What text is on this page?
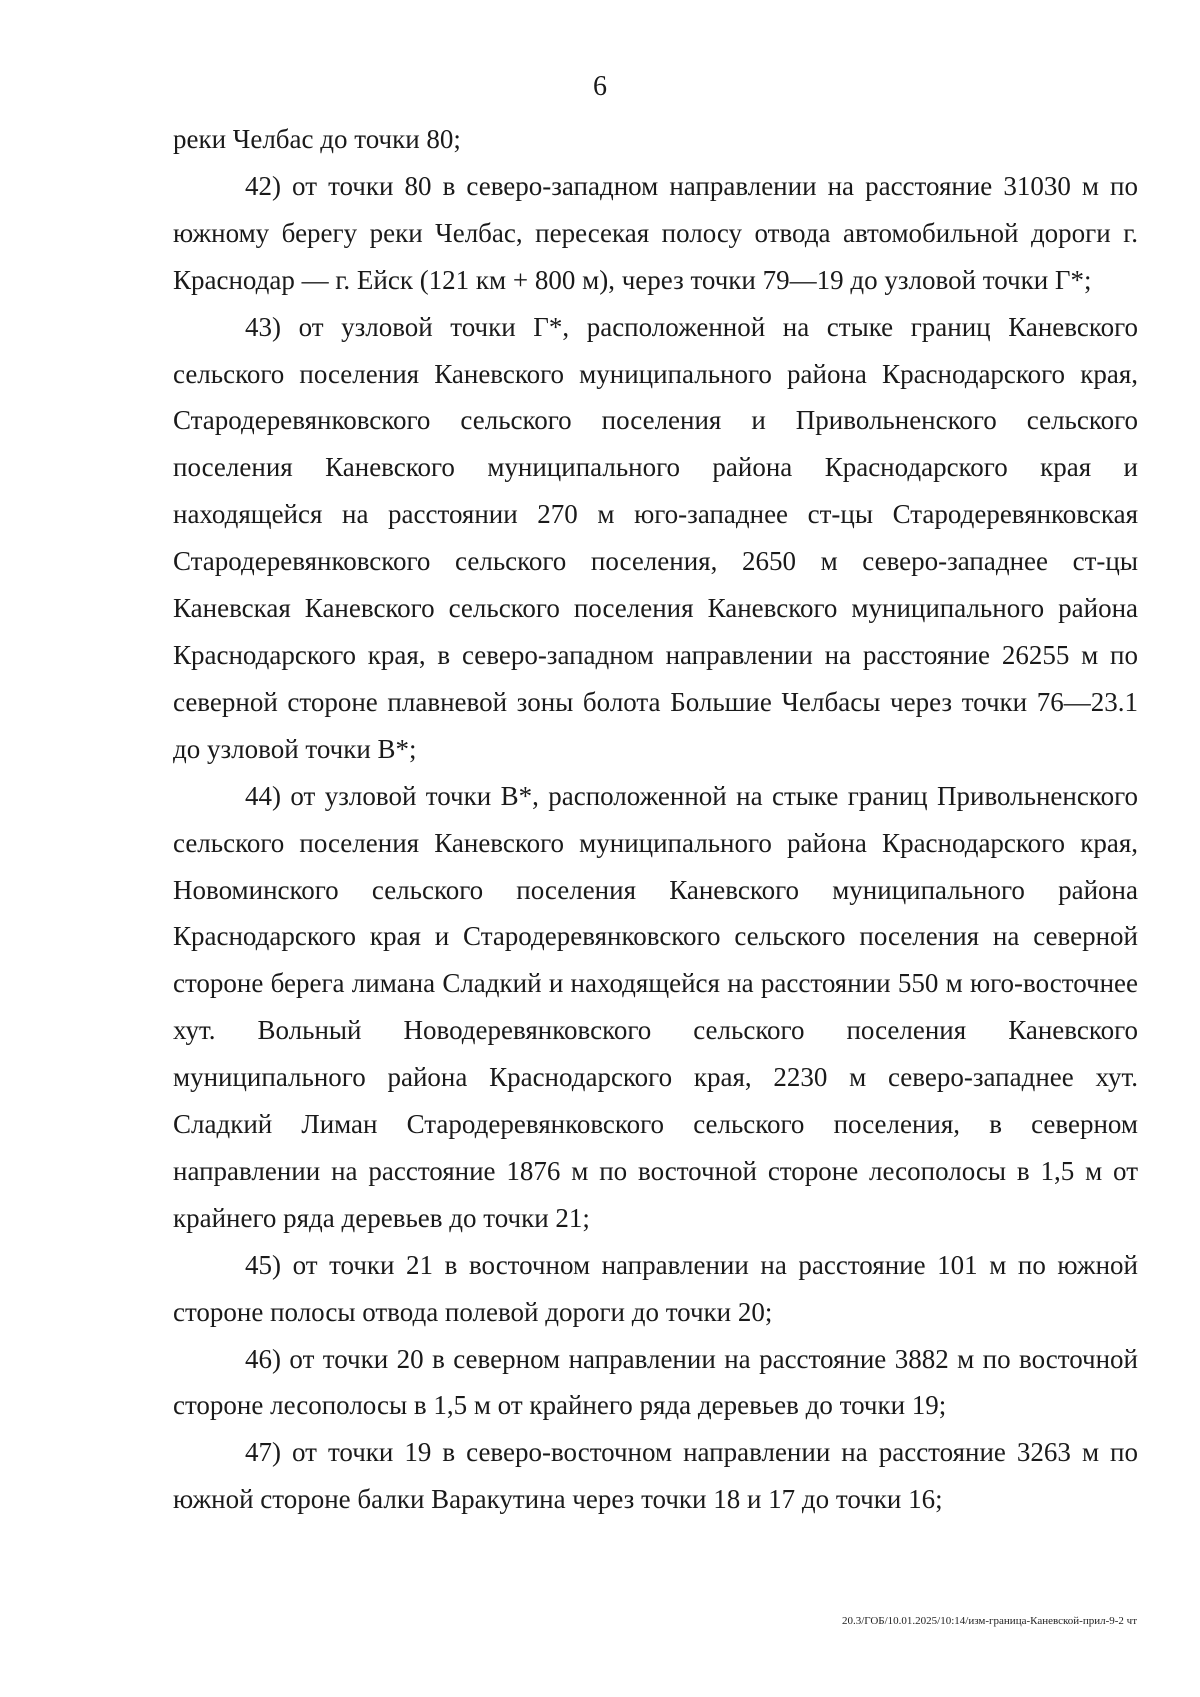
6

реки Челбас до точки 80;

42) от точки 80 в северо-западном направлении на расстояние 31030 м по южному берегу реки Челбас, пересекая полосу отвода автомобильной дороги г. Краснодар — г. Ейск (121 км + 800 м), через точки 79—19 до узловой точки Г*;

43) от узловой точки Г*, расположенной на стыке границ Каневского сельского поселения Каневского муниципального района Краснодарского края, Стародеревянковского сельского поселения и Привольненского сельского поселения Каневского муниципального района Краснодарского края и находящейся на расстоянии 270 м юго-западнее ст-цы Стародеревянковская Стародеревянковского сельского поселения, 2650 м северо-западнее ст-цы Каневская Каневского сельского поселения Каневского муниципального района Краснодарского края, в северо-западном направлении на расстояние 26255 м по северной стороне плавневой зоны болота Большие Челбасы через точки 76—23.1 до узловой точки В*;

44) от узловой точки В*, расположенной на стыке границ Привольненского сельского поселения Каневского муниципального района Краснодарского края, Новоминского сельского поселения Каневского муниципального района Краснодарского края и Стародеревянковского сельского поселения на северной стороне берега лимана Сладкий и находящейся на расстоянии 550 м юго-восточнее хут. Вольный Новодеревянковского сельского поселения Каневского муниципального района Краснодарского края, 2230 м северо-западнее хут. Сладкий Лиман Стародеревянковского сельского поселения, в северном направлении на расстояние 1876 м по восточной стороне лесополосы в 1,5 м от крайнего ряда деревьев до точки 21;

45) от точки 21 в восточном направлении на расстояние 101 м по южной стороне полосы отвода полевой дороги до точки 20;

46) от точки 20 в северном направлении на расстояние 3882 м по восточной стороне лесополосы в 1,5 м от крайнего ряда деревьев до точки 19;

47) от точки 19 в северо-восточном направлении на расстояние 3263 м по южной стороне балки Варакутина через точки 18 и 17 до точки 16;

20.3/ГОБ/10.01.2025/10:14/изм-граница-Каневской-прил-9-2 чт
